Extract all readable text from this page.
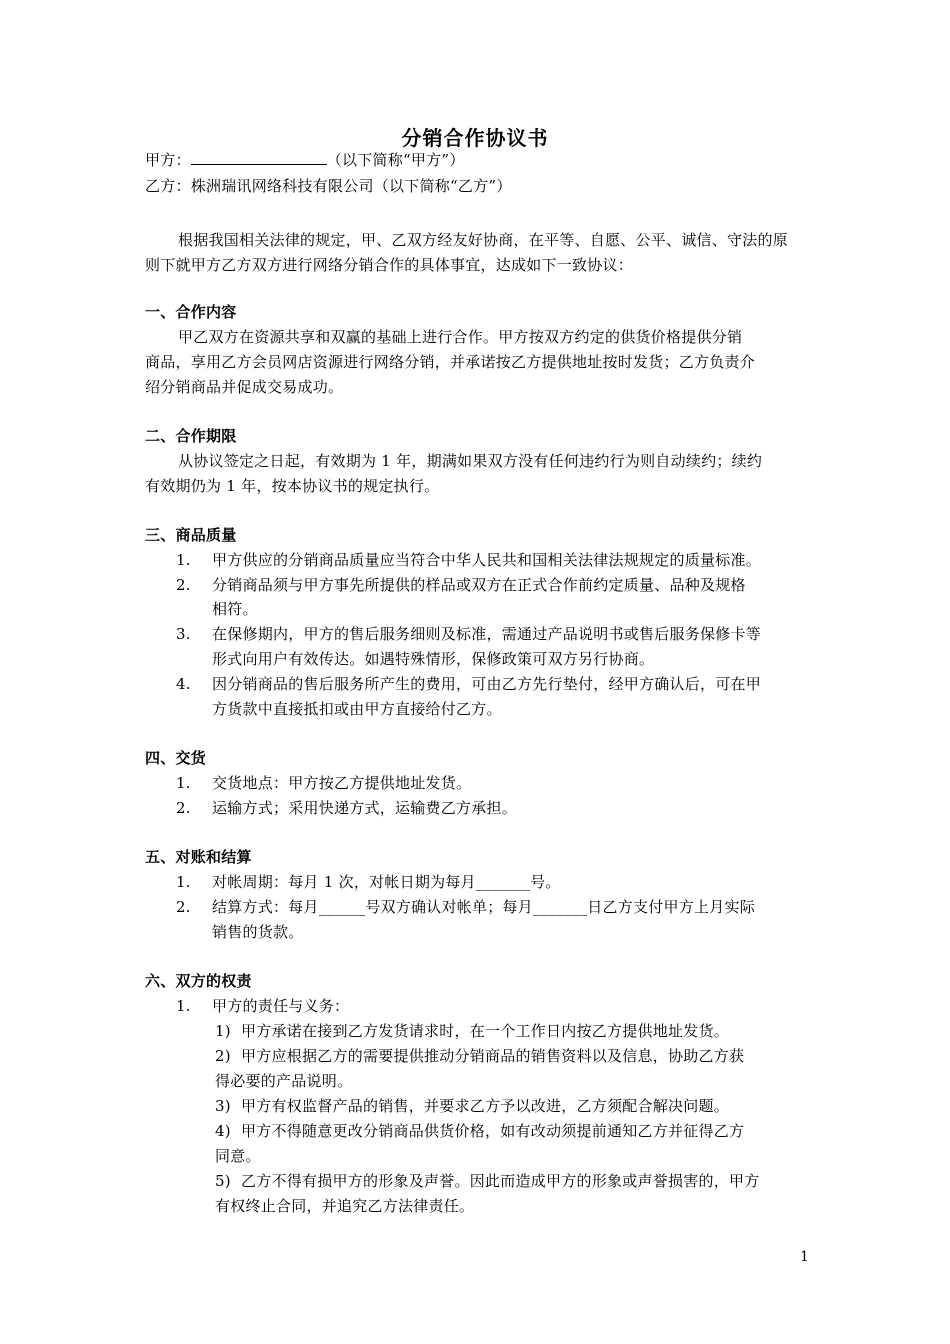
分销合作协议书
甲方：	（以下简称“甲方”）
乙方：株洲瑞讯网络科技有限公司（以下简称“乙方”）
根据我国相关法律的规定，甲、乙双方经友好协商，在平等、自愿、公平、诚信、守法的原
则下就甲方乙方双方进行网络分销合作的具体事宜，达成如下一致协议：
一、合作内容
甲乙双方在资源共享和双赢的基础上进行合作。甲方按双方约定的供货价格提供分销
商品，享用乙方会员网店资源进行网络分销，并承诺按乙方提供地址按时发货；乙方负责介
绍分销商品并促成交易成功。
二、合作期限
从协议签定之日起，有效期为 1 年，期满如果双方没有任何违约行为则自动续约；续约
有效期仍为 1 年，按本协议书的规定执行。
三、商品质量
1. 甲方供应的分销商品质量应当符合中华人民共和国相关法律法规规定的质量标准。
2. 分销商品须与甲方事先所提供的样品或双方在正式合作前约定质量、品种及规格
相符。
3. 在保修期内，甲方的售后服务细则及标准，需通过产品说明书或售后服务保修卡等
形式向用户有效传达。如遇特殊情形，保修政策可双方另行协商。
4. 因分销商品的售后服务所产生的费用，可由乙方先行垫付，经甲方确认后，可在甲
方货款中直接抵扣或由甲方直接给付乙方。
四、交货
1. 交货地点：甲方按乙方提供地址发货。
2. 运输方式；采用快递方式，运输费乙方承担。
五、对账和结算
1. 对帐周期：每月 1 次，对帐日期为每月_______号。
2. 结算方式：每月______号双方确认对帐单；每月_______日乙方支付甲方上月实际
销售的货款。
六、双方的权责
1. 甲方的责任与义务：
1) 甲方承诺在接到乙方发货请求时，在一个工作日内按乙方提供地址发货。
2) 甲方应根据乙方的需要提供推动分销商品的销售资料以及信息，协助乙方获
得必要的产品说明。
3) 甲方有权监督产品的销售，并要求乙方予以改进，乙方须配合解决问题。
4) 甲方不得随意更改分销商品供货价格，如有改动须提前通知乙方并征得乙方
同意。
5) 乙方不得有损甲方的形象及声誉。因此而造成甲方的形象或声誉损害的，甲方
有权终止合同，并追究乙方法律责任。
1
